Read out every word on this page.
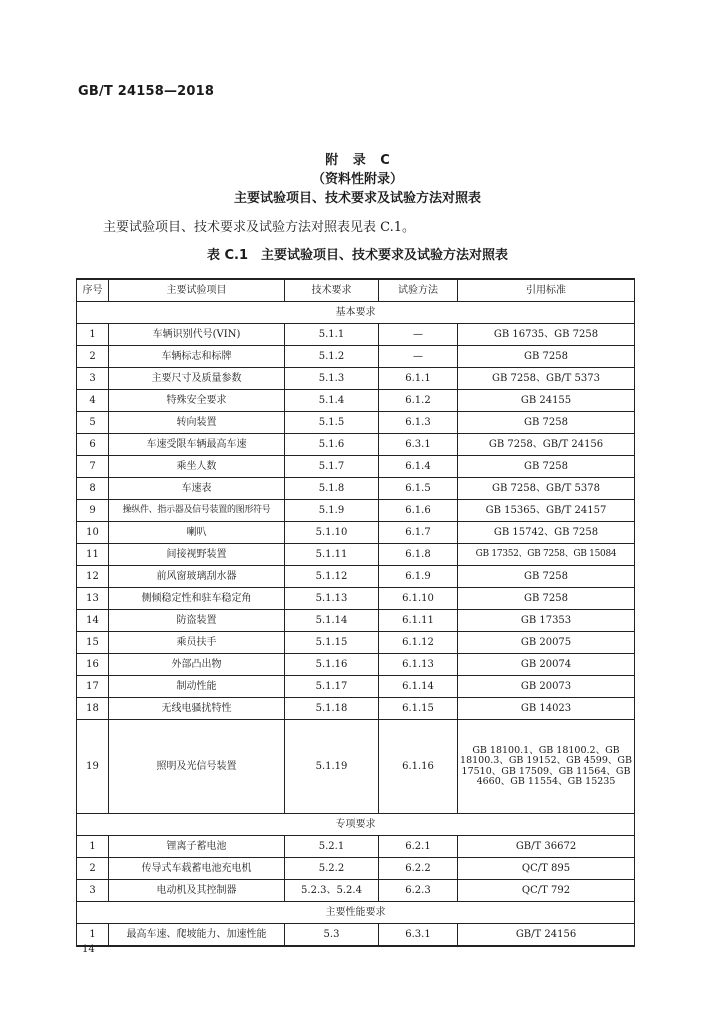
GB/T 24158—2018
附 录 C
（资料性附录）
主要试验项目、技术要求及试验方法对照表
主要试验项目、技术要求及试验方法对照表见表 C.1。
表 C.1　主要试验项目、技术要求及试验方法对照表
序号	主要试验项目	技术要求	试验方法	引用标准
基本要求				
1	车辆识别代号(VIN)	5.1.1	—	GB 16735、GB 7258
2	车辆标志和标牌	5.1.2	—	GB 7258
3	主要尺寸及质量参数	5.1.3	6.1.1	GB 7258、GB/T 5373
4	特殊安全要求	5.1.4	6.1.2	GB 24155
5	转向装置	5.1.5	6.1.3	GB 7258
6	车速受限车辆最高车速	5.1.6	6.3.1	GB 7258、GB/T 24156
7	乘坐人数	5.1.7	6.1.4	GB 7258
8	车速表	5.1.8	6.1.5	GB 7258、GB/T 5378
9	操纵件、指示器及信号装置的图形符号	5.1.9	6.1.6	GB 15365、GB/T 24157
10	喇叭	5.1.10	6.1.7	GB 15742、GB 7258
11	间接视野装置	5.1.11	6.1.8	GB 17352、GB 7258、GB 15084
12	前风窗玻璃刮水器	5.1.12	6.1.9	GB 7258
13	侧倾稳定性和驻车稳定角	5.1.13	6.1.10	GB 7258
14	防盗装置	5.1.14	6.1.11	GB 17353
15	乘员扶手	5.1.15	6.1.12	GB 20075
16	外部凸出物	5.1.16	6.1.13	GB 20074
17	制动性能	5.1.17	6.1.14	GB 20073
18	无线电骚扰特性	5.1.18	6.1.15	GB 14023
19	照明及光信号装置	5.1.19	6.1.16	GB 18100.1、GB 18100.2、GB 18100.3、GB 19152、GB 4599、GB 17510、GB 17509、GB 11564、GB 4660、GB 11554、GB 15235
专项要求				
1	锂离子蓄电池	5.2.1	6.2.1	GB/T 36672
2	传导式车载蓄电池充电机	5.2.2	6.2.2	QC/T 895
3	电动机及其控制器	5.2.3、5.2.4	6.2.3	QC/T 792
主要性能要求				
1	最高车速、爬坡能力、加速性能	5.3	6.3.1	GB/T 24156
14
